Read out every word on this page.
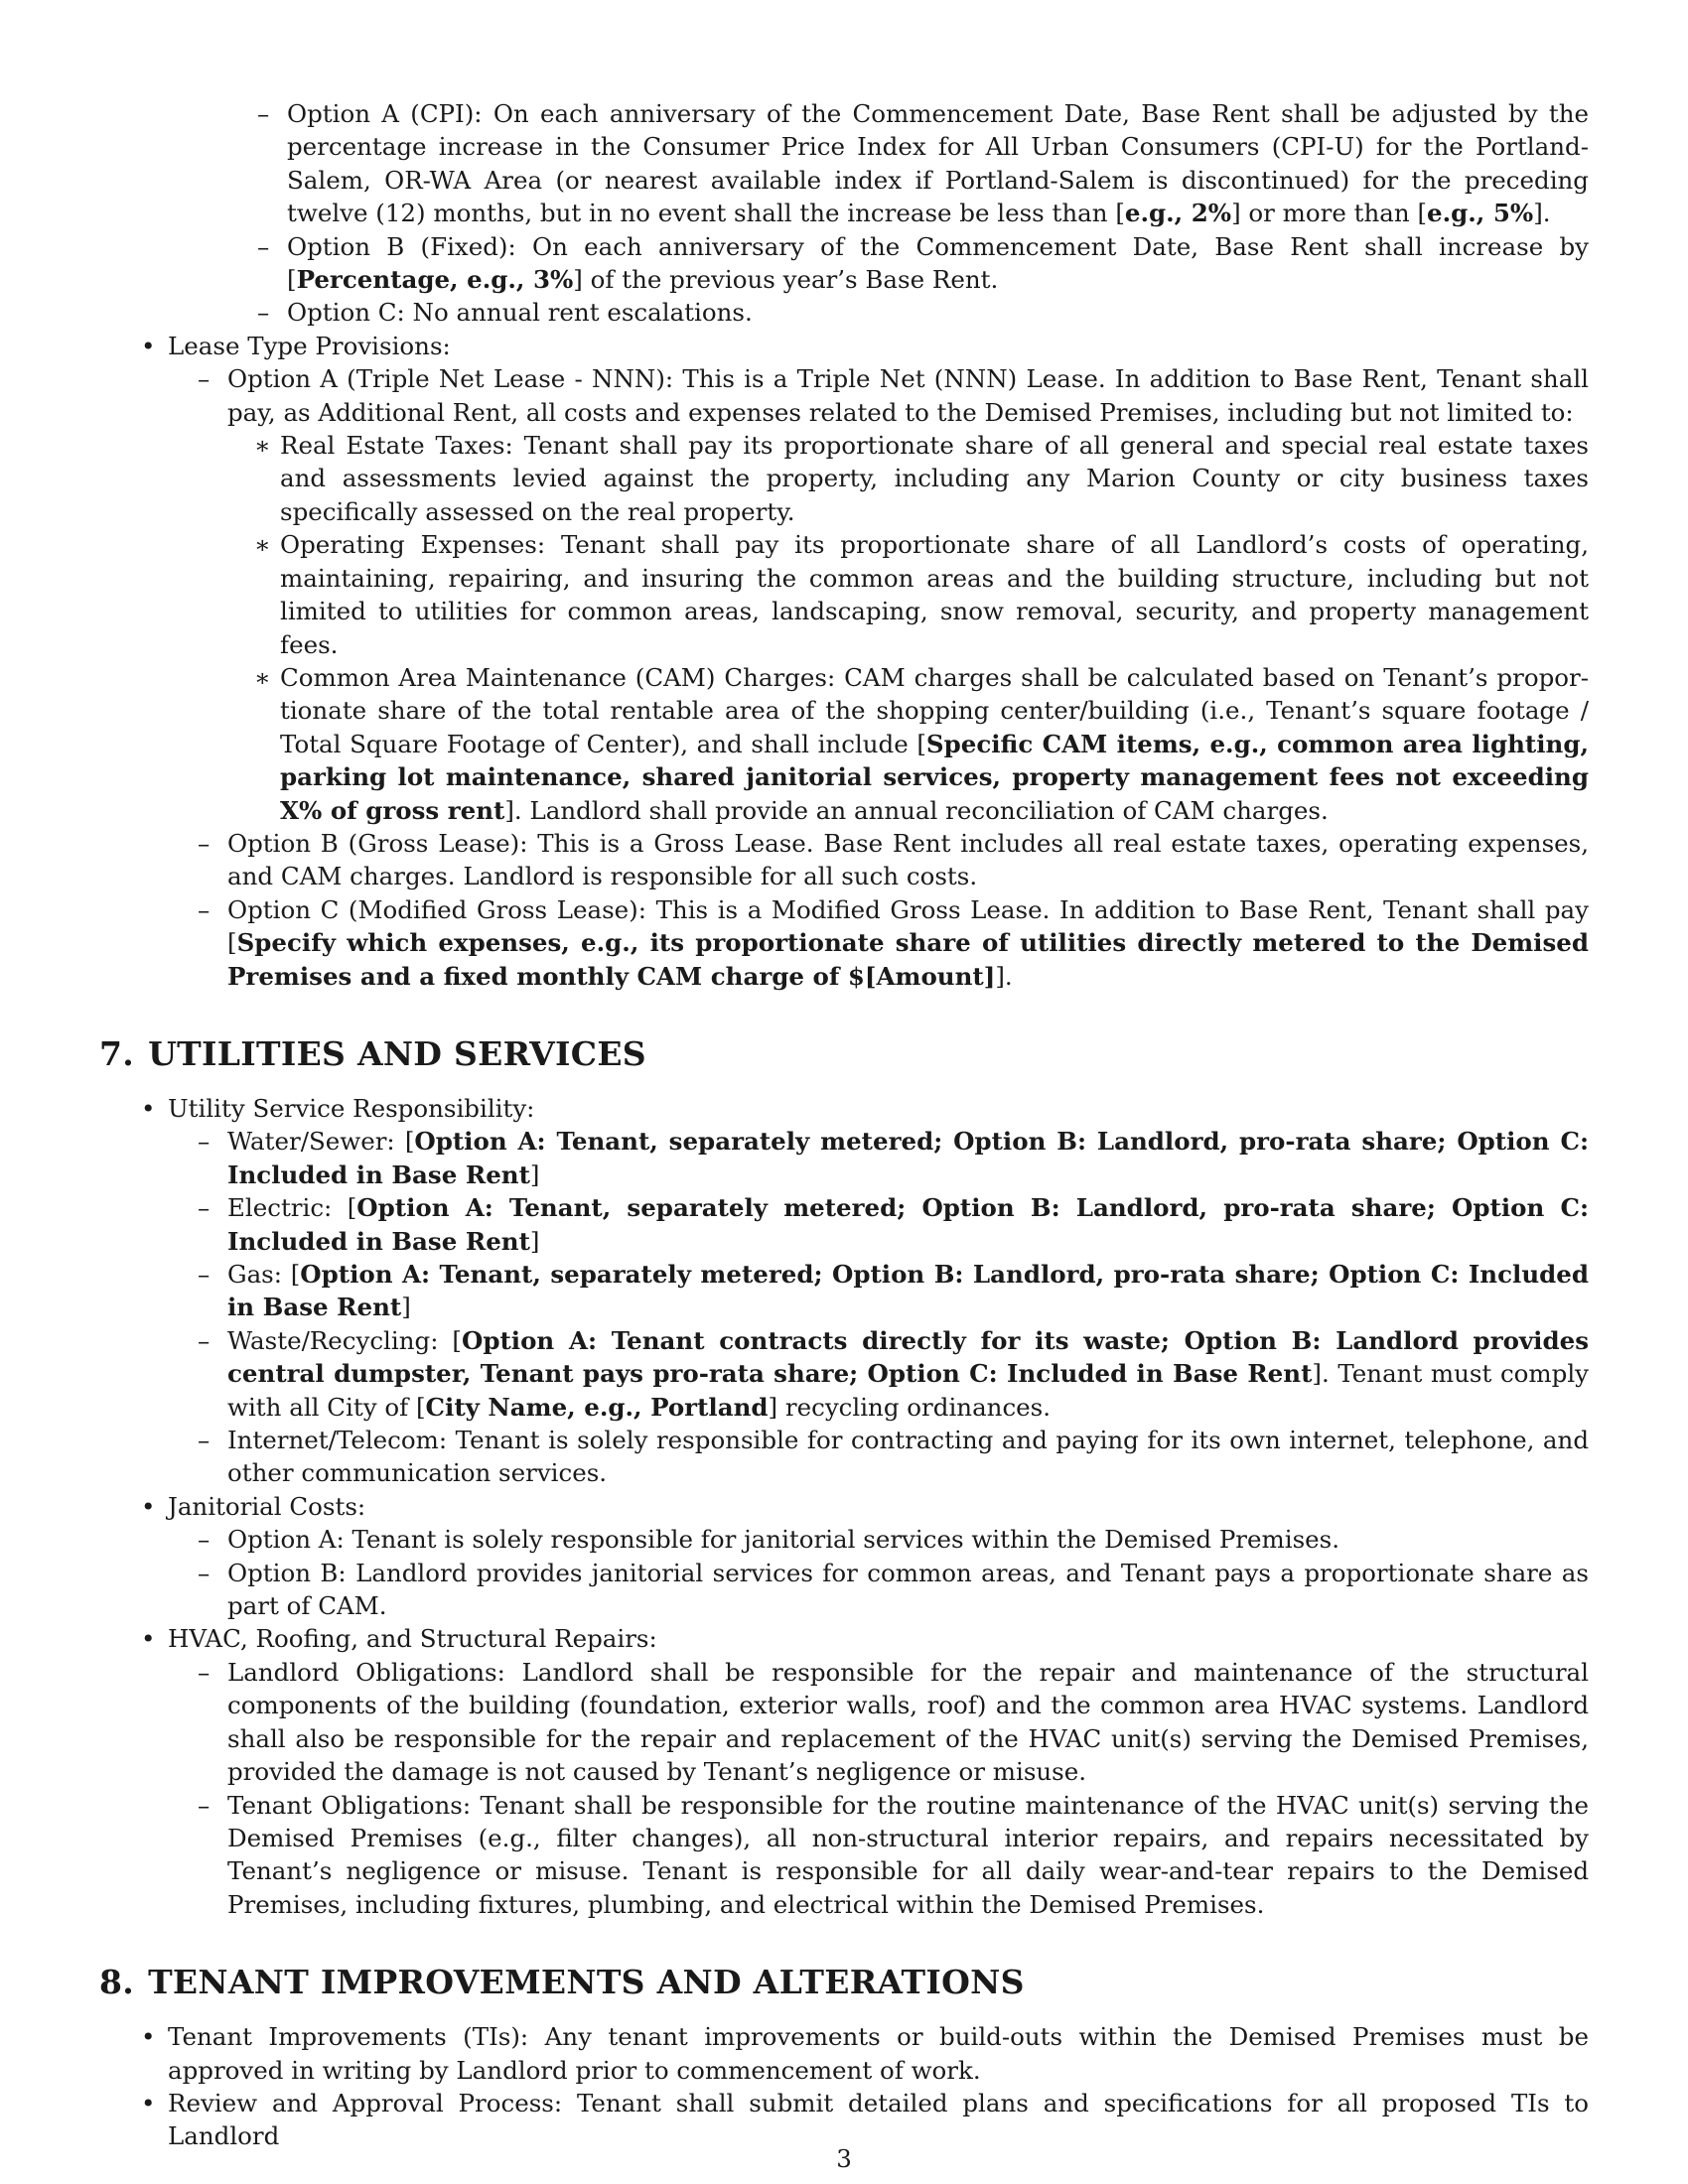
– Option A (CPI): On each anniversary of the Commencement Date, Base Rent shall be adjusted by the percentage increase in the Consumer Price Index for All Urban Consumers (CPI-U) for the Portland-Salem, OR-WA Area (or nearest available index if Portland-Salem is discontinued) for the preceding twelve (12) months, but in no event shall the increase be less than [e.g., 2%] or more than [e.g., 5%].
– Option B (Fixed): On each anniversary of the Commencement Date, Base Rent shall increase by [Percentage, e.g., 3%] of the previous year’s Base Rent.
– Option C: No annual rent escalations.
• Lease Type Provisions:
– Option A (Triple Net Lease - NNN): This is a Triple Net (NNN) Lease. In addition to Base Rent, Tenant shall pay, as Additional Rent, all costs and expenses related to the Demised Premises, including but not limited to:
∗ Real Estate Taxes: Tenant shall pay its proportionate share of all general and special real estate taxes and assessments levied against the property, including any Marion County or city business taxes specifically assessed on the real property.
∗ Operating Expenses: Tenant shall pay its proportionate share of all Landlord’s costs of operating, maintaining, repairing, and insuring the common areas and the building structure, including but not limited to utilities for common areas, landscaping, snow removal, security, and property management fees.
∗ Common Area Maintenance (CAM) Charges: CAM charges shall be calculated based on Tenant’s proportionate share of the total rentable area of the shopping center/building (i.e., Tenant’s square footage / Total Square Footage of Center), and shall include [Specific CAM items, e.g., common area lighting, parking lot maintenance, shared janitorial services, property management fees not exceeding X% of gross rent]. Landlord shall provide an annual reconciliation of CAM charges.
– Option B (Gross Lease): This is a Gross Lease. Base Rent includes all real estate taxes, operating expenses, and CAM charges. Landlord is responsible for all such costs.
– Option C (Modified Gross Lease): This is a Modified Gross Lease. In addition to Base Rent, Tenant shall pay [Specify which expenses, e.g., its proportionate share of utilities directly metered to the Demised Premises and a fixed monthly CAM charge of $[Amount]].
7. UTILITIES AND SERVICES
• Utility Service Responsibility:
– Water/Sewer: [Option A: Tenant, separately metered; Option B: Landlord, pro-rata share; Option C: Included in Base Rent]
– Electric: [Option A: Tenant, separately metered; Option B: Landlord, pro-rata share; Option C: Included in Base Rent]
– Gas: [Option A: Tenant, separately metered; Option B: Landlord, pro-rata share; Option C: Included in Base Rent]
– Waste/Recycling: [Option A: Tenant contracts directly for its waste; Option B: Landlord provides central dumpster, Tenant pays pro-rata share; Option C: Included in Base Rent]. Tenant must comply with all City of [City Name, e.g., Portland] recycling ordinances.
– Internet/Telecom: Tenant is solely responsible for contracting and paying for its own internet, telephone, and other communication services.
• Janitorial Costs:
– Option A: Tenant is solely responsible for janitorial services within the Demised Premises.
– Option B: Landlord provides janitorial services for common areas, and Tenant pays a proportionate share as part of CAM.
• HVAC, Roofing, and Structural Repairs:
– Landlord Obligations: Landlord shall be responsible for the repair and maintenance of the structural components of the building (foundation, exterior walls, roof) and the common area HVAC systems. Landlord shall also be responsible for the repair and replacement of the HVAC unit(s) serving the Demised Premises, provided the damage is not caused by Tenant’s negligence or misuse.
– Tenant Obligations: Tenant shall be responsible for the routine maintenance of the HVAC unit(s) serving the Demised Premises (e.g., filter changes), all non-structural interior repairs, and repairs necessitated by Tenant’s negligence or misuse. Tenant is responsible for all daily wear-and-tear repairs to the Demised Premises, including fixtures, plumbing, and electrical within the Demised Premises.
8. TENANT IMPROVEMENTS AND ALTERATIONS
• Tenant Improvements (TIs): Any tenant improvements or build-outs within the Demised Premises must be approved in writing by Landlord prior to commencement of work.
• Review and Approval Process: Tenant shall submit detailed plans and specifications for all proposed TIs to Landlord
3
